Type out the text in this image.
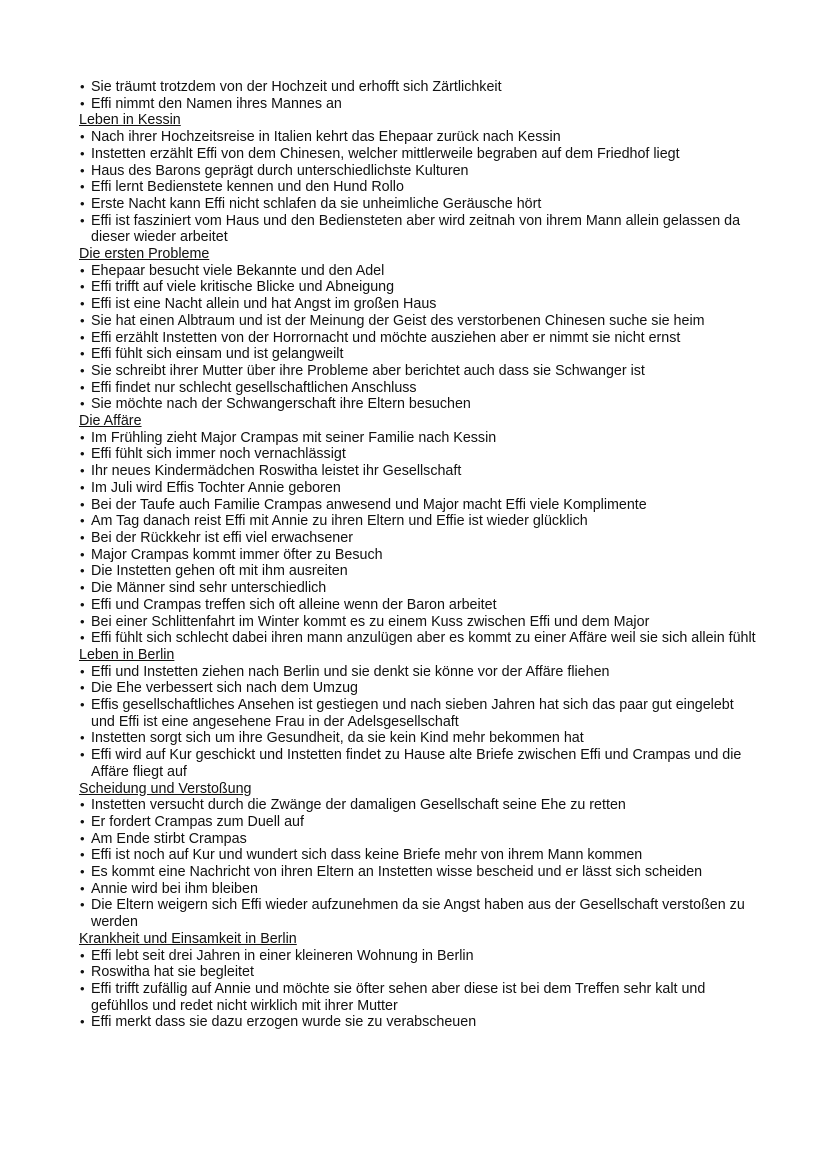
• Sie träumt trotzdem von der Hochzeit und erhofft sich Zärtlichkeit
• Effi nimmt den Namen ihres Mannes an
Leben in Kessin
• Nach ihrer Hochzeitsreise in Italien kehrt das Ehepaar zurück nach Kessin
• Instetten erzählt Effi von dem Chinesen, welcher mittlerweile begraben auf dem Friedhof liegt
• Haus des Barons geprägt durch unterschiedlichste Kulturen
• Effi lernt Bedienstete kennen und den Hund Rollo
• Erste Nacht kann Effi nicht schlafen da sie unheimliche Geräusche hört
• Effi ist fasziniert vom Haus und den Bediensteten aber wird zeitnah von ihrem Mann allein gelassen da dieser wieder arbeitet
Die ersten Probleme
• Ehepaar besucht viele Bekannte und den Adel
• Effi trifft auf viele kritische Blicke und Abneigung
• Effi ist eine Nacht allein und hat Angst im großen Haus
• Sie hat einen Albtraum und ist der Meinung der Geist des verstorbenen Chinesen suche sie heim
• Effi erzählt Instetten von der Horrornacht und möchte ausziehen aber er nimmt sie nicht ernst
• Effi fühlt sich einsam und ist gelangweilt
• Sie schreibt ihrer Mutter über ihre Probleme aber berichtet auch dass sie Schwanger ist
• Effi findet nur schlecht gesellschaftlichen Anschluss
• Sie möchte nach der Schwangerschaft ihre Eltern besuchen
Die Affäre
• Im Frühling zieht Major Crampas mit seiner Familie nach Kessin
• Effi fühlt sich immer noch vernachlässigt
• Ihr neues Kindermädchen Roswitha leistet ihr Gesellschaft
• Im Juli wird Effis Tochter Annie geboren
• Bei der Taufe auch Familie Crampas anwesend und Major macht Effi viele Komplimente
• Am Tag danach reist Effi mit Annie zu ihren Eltern und Effie ist wieder glücklich
• Bei der Rückkehr ist effi viel erwachsener
• Major Crampas kommt immer öfter zu Besuch
• Die Instetten gehen oft mit ihm ausreiten
• Die Männer sind sehr unterschiedlich
• Effi und Crampas treffen sich oft alleine wenn der Baron arbeitet
• Bei einer Schlittenfahrt im Winter kommt es zu einem Kuss zwischen Effi und dem Major
• Effi fühlt sich schlecht dabei ihren mann anzulügen aber es kommt zu einer Affäre weil sie sich allein fühlt
Leben in Berlin
• Effi und Instetten ziehen nach Berlin und sie denkt sie könne vor der Affäre fliehen
• Die Ehe verbessert sich nach dem Umzug
• Effis gesellschaftliches Ansehen ist gestiegen und nach sieben Jahren hat sich das paar gut eingelebt und Effi ist eine angesehene Frau in der Adelsgesellschaft
• Instetten sorgt sich um ihre Gesundheit, da sie kein Kind mehr bekommen hat
• Effi wird auf Kur geschickt und Instetten findet zu Hause alte Briefe zwischen Effi und Crampas und die Affäre fliegt auf
Scheidung und Verstoßung
• Instetten versucht durch die Zwänge der damaligen Gesellschaft seine Ehe zu retten
• Er fordert Crampas zum Duell auf
• Am Ende stirbt Crampas
• Effi ist noch auf Kur und wundert sich dass keine Briefe mehr von ihrem Mann kommen
• Es kommt eine Nachricht von ihren Eltern an Instetten wisse bescheid und er lässt sich scheiden
• Annie wird bei ihm bleiben
• Die Eltern weigern sich Effi wieder aufzunehmen da sie Angst haben aus der Gesellschaft verstoßen zu werden
Krankheit und Einsamkeit in Berlin
• Effi lebt seit drei Jahren in einer kleineren Wohnung in Berlin
• Roswitha hat sie begleitet
• Effi trifft zufällig auf Annie und möchte sie öfter sehen aber diese ist bei dem Treffen sehr kalt und gefühllos und redet nicht wirklich mit ihrer Mutter
• Effi merkt dass sie dazu erzogen wurde sie zu verabscheuen
